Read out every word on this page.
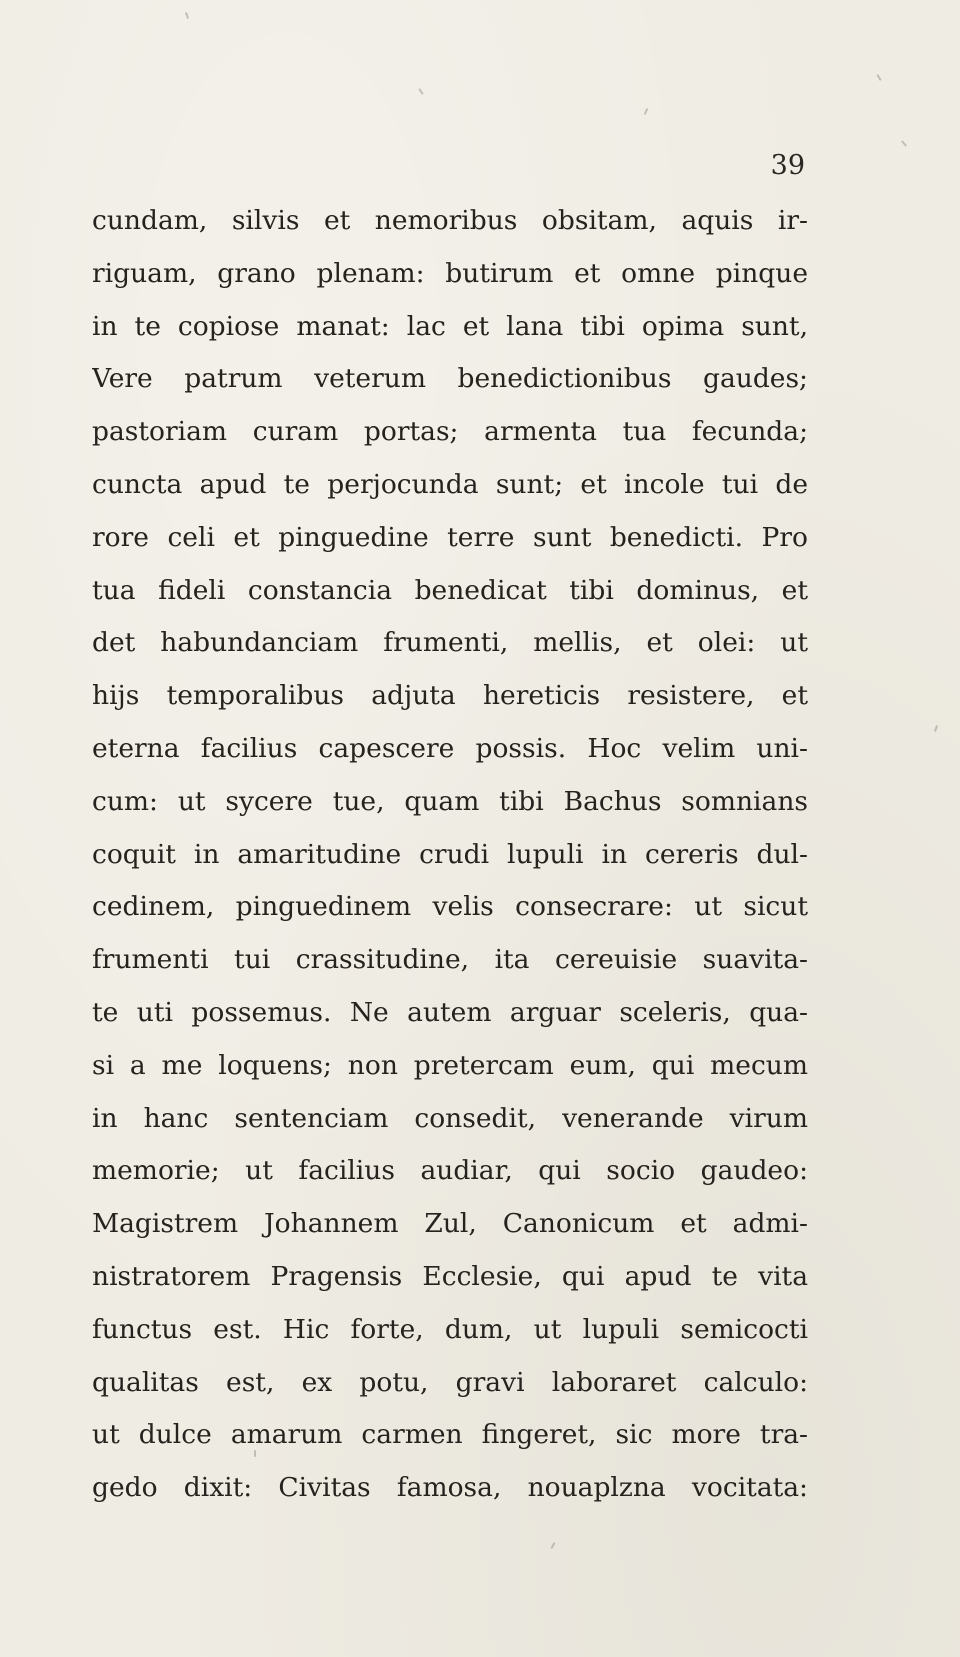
39

cundam, silvis et nemoribus obsitam, aquis ir-
riguam, grano plenam: butirum et omne pinque
in te copiose manat: lac et lana tibi opima sunt,
Vere patrum veterum benedictionibus gaudes;
pastoriam curam portas; armenta tua fecunda;
cuncta apud te perjocunda sunt; et incole tui de
rore celi et pinguedine terre sunt benedicti. Pro
tua fideli constancia benedicat tibi dominus, et
det habundanciam frumenti, mellis, et olei: ut
hijs temporalibus adjuta hereticis resistere, et
eterna facilius capescere possis. Hoc velim uni-
cum: ut sycere tue, quam tibi Bachus somnians
coquit in amaritudine crudi lupuli in cereris dul-
cedinem, pinguedinem velis consecrare: ut sicut
frumenti tui crassitudine, ita cereuisie suavita-
te uti possemus. Ne autem arguar sceleris, qua-
si a me loquens; non pretercam eum, qui mecum
in hanc sentenciam consedit, venerande virum
memorie; ut facilius audiar, qui socio gaudeo:
Magistrem Johannem Zul, Canonicum et admi-
nistratorem Pragensis Ecclesie, qui apud te vita
functus est. Hic forte, dum, ut lupuli semicocti
qualitas est, ex potu, gravi laboraret calculo:
ut dulce amarum carmen fingeret, sic more tra-
gedo dixit: Civitas famosa, nouaplzna vocitata:
